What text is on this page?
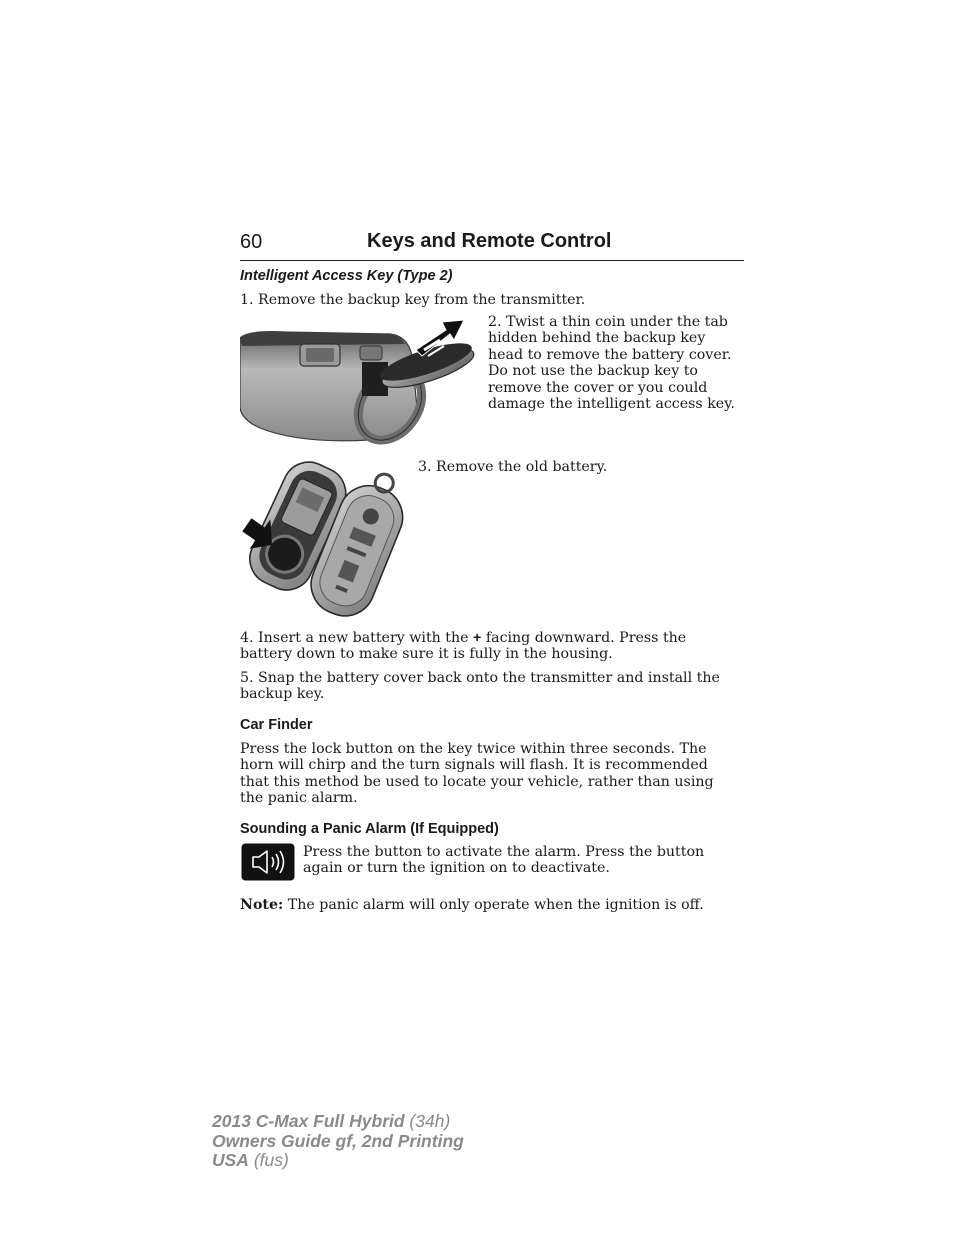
60	Keys and Remote Control
Intelligent Access Key (Type 2)

1. Remove the backup key from the transmitter.

2. Twist a thin coin under the tab hidden behind the backup key head to remove the battery cover. Do not use the backup key to remove the cover or you could damage the intelligent access key.

3. Remove the old battery.

4. Insert a new battery with the + facing downward. Press the battery down to make sure it is fully in the housing.

5. Snap the battery cover back onto the transmitter and install the backup key.

Car Finder

Press the lock button on the key twice within three seconds. The horn will chirp and the turn signals will flash. It is recommended that this method be used to locate your vehicle, rather than using the panic alarm.

Sounding a Panic Alarm (If Equipped)

Press the button to activate the alarm. Press the button again or turn the ignition on to deactivate.

Note: The panic alarm will only operate when the ignition is off.

2013 C-Max Full Hybrid (34h)
Owners Guide gf, 2nd Printing
USA (fus)
